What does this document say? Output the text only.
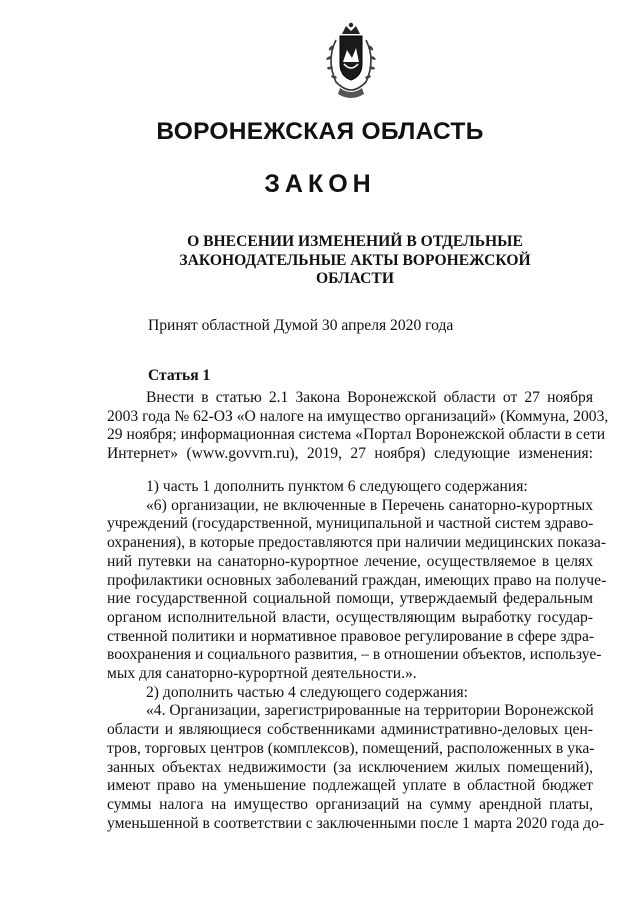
ВОРОНЕЖСКАЯ ОБЛАСТЬ
ЗАКОН
О ВНЕСЕНИИ ИЗМЕНЕНИЙ В ОТДЕЛЬНЫЕ
ЗАКОНОДАТЕЛЬНЫЕ АКТЫ ВОРОНЕЖСКОЙ
ОБЛАСТИ
Принят областной Думой 30 апреля 2020 года
Статья 1
Внести в статью 2.1 Закона Воронежской области от 27 ноября
2003 года № 62-ОЗ «О налоге на имущество организаций» (Коммуна, 2003,
29 ноября; информационная система «Портал Воронежской области в сети
Интернет» (www.govvrn.ru), 2019, 27 ноября) следующие изменения:
1) часть 1 дополнить пунктом 6 следующего содержания:
«6) организации, не включенные в Перечень санаторно-курортных
учреждений (государственной, муниципальной и частной систем здраво-
охранения), в которые предоставляются при наличии медицинских показа-
ний путевки на санаторно-курортное лечение, осуществляемое в целях
профилактики основных заболеваний граждан, имеющих право на получе-
ние государственной социальной помощи, утверждаемый федеральным
органом исполнительной власти, осуществляющим выработку государ-
ственной политики и нормативное правовое регулирование в сфере здра-
воохранения и социального развития, – в отношении объектов, используе-
мых для санаторно-курортной деятельности.».
2) дополнить частью 4 следующего содержания:
«4. Организации, зарегистрированные на территории Воронежской
области и являющиеся собственниками административно-деловых цен-
тров, торговых центров (комплексов), помещений, расположенных в ука-
занных объектах недвижимости (за исключением жилых помещений),
имеют право на уменьшение подлежащей уплате в областной бюджет
суммы налога на имущество организаций на сумму арендной платы,
уменьшенной в соответствии с заключенными после 1 марта 2020 года до-
